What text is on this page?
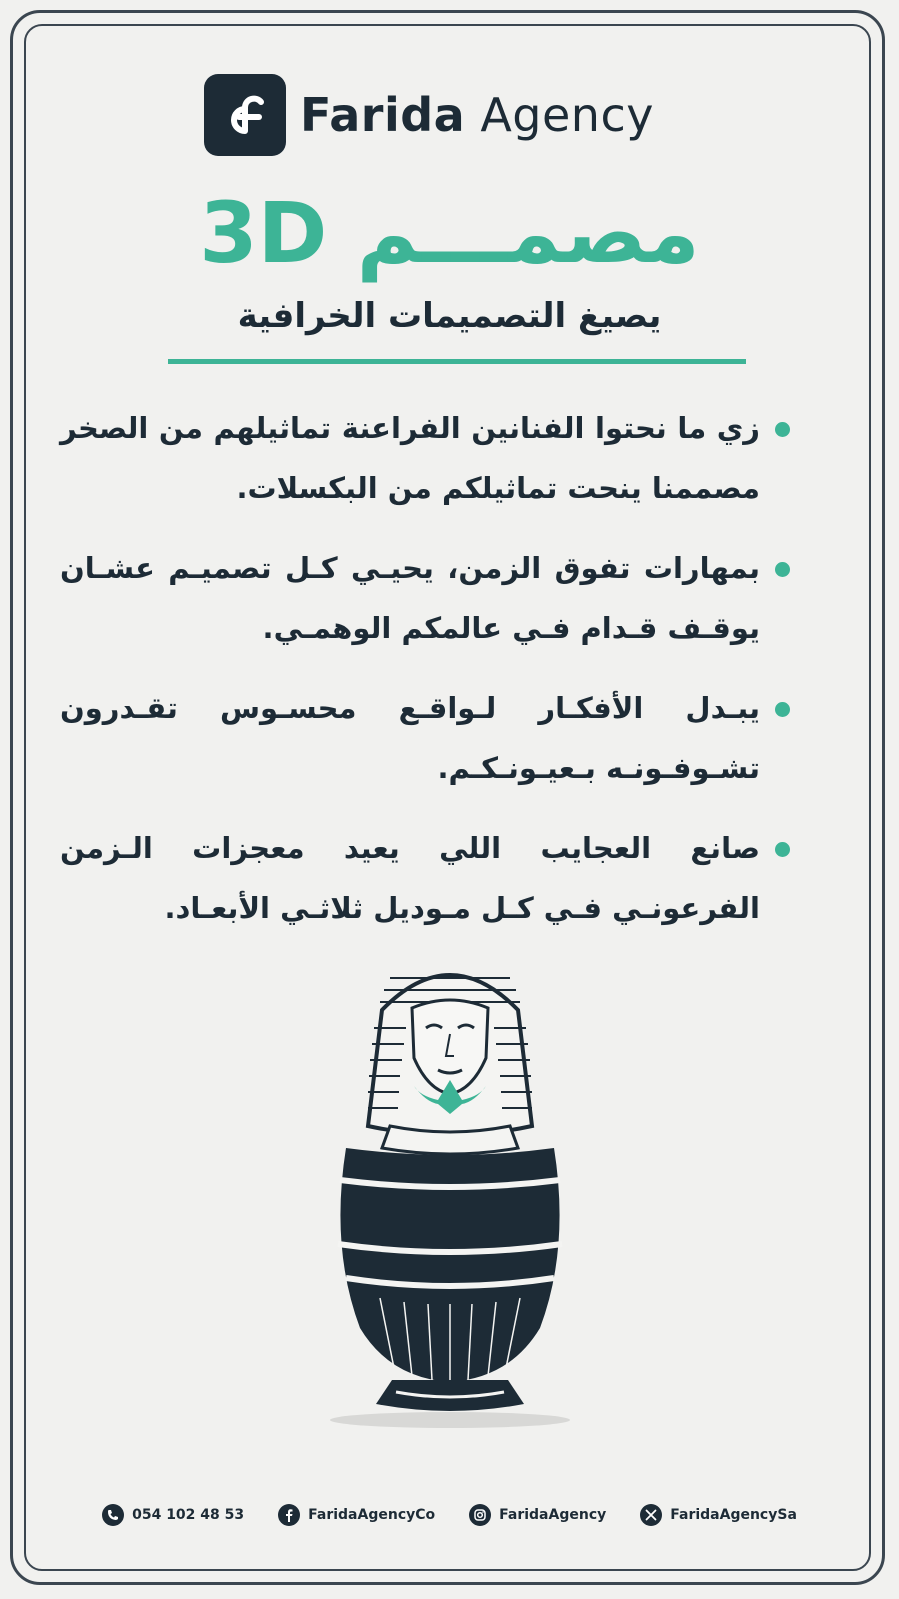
Farida Agency
مصمـــم 3D
يصيغ التصميمات الخرافية
زي ما نحتوا الفنانين الفراعنة تماثيلهم من الصخر مصممنا ينحت تماثيلكم من البكسلات.
بمهارات تفوق الزمن، يحيـي كـل تصميـم عشـان يوقـف قـدام فـي عالمكم الوهمـي.
يبـدل الأفكـار لـواقـع محسـوس تقـدرون تشـوفـونـه بـعيـونـكـم.
صانع العجايب اللي يعيد معجزات الـزمن الفرعونـي فـي كـل مـوديل ثلاثـي الأبعـاد.
054 102 48 53	FaridaAgencyCo	FaridaAgency	FaridaAgencySa
